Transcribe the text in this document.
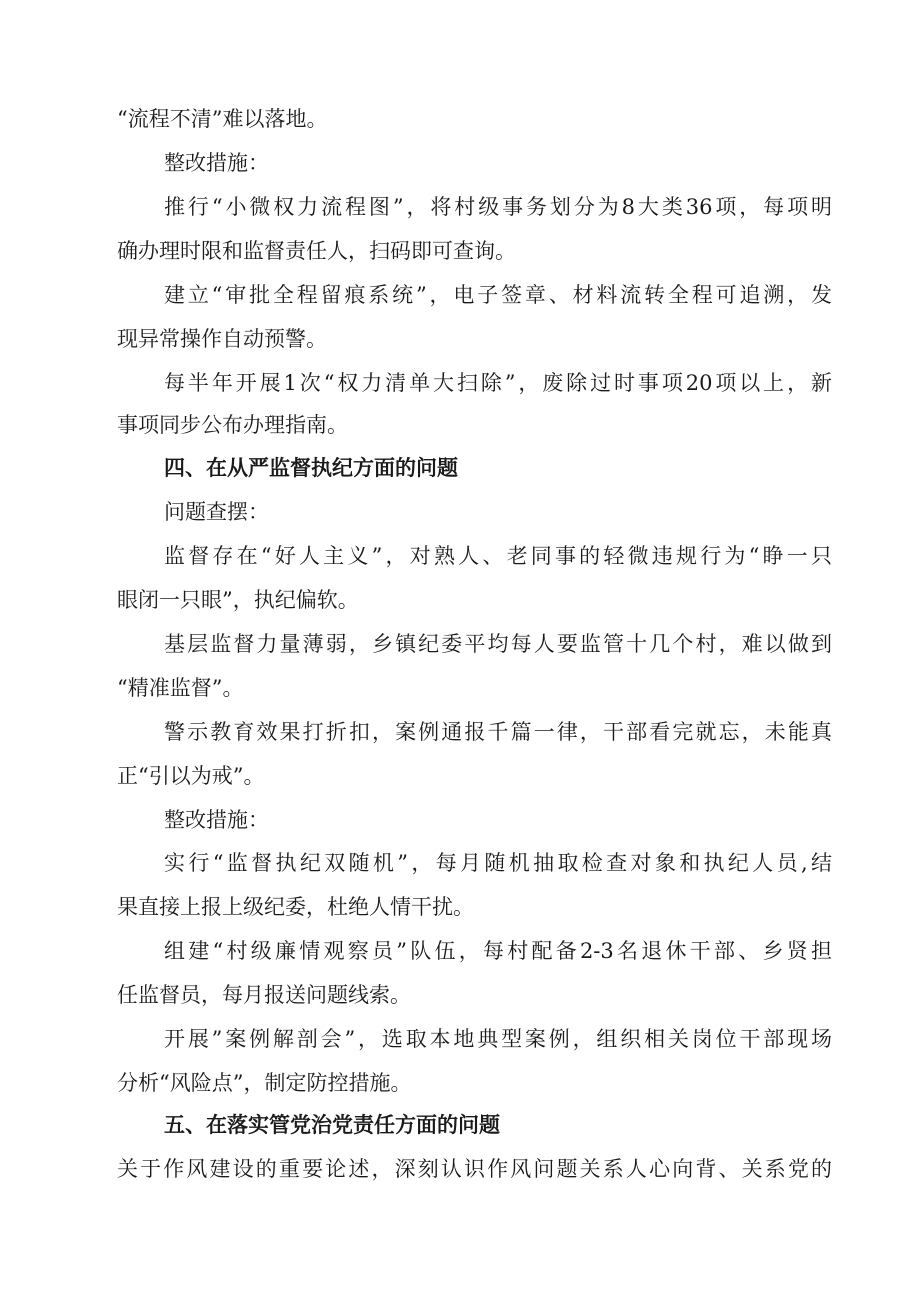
“流程不清”难以落地。

整改措施：

推行“小微权力流程图”，将村级事务划分为8大类36项，每项明

确办理时限和监督责任人，扫码即可查询。

建立“审批全程留痕系统”，电子签章、材料流转全程可追溯，发

现异常操作自动预警。

每半年开展1次“权力清单大扫除”，废除过时事项20项以上，新

事项同步公布办理指南。

四、在从严监督执纪方面的问题

问题查摆：

监督存在“好人主义”，对熟人、老同事的轻微违规行为“睁一只

眼闭一只眼”，执纪偏软。

基层监督力量薄弱，乡镇纪委平均每人要监管十几个村，难以做到

“精准监督”。

警示教育效果打折扣，案例通报千篇一律，干部看完就忘，未能真

正“引以为戒”。

整改措施：

实行“监督执纪双随机”，每月随机抽取检查对象和执纪人员,结

果直接上报上级纪委，杜绝人情干扰。

组建“村级廉情观察员”队伍，每村配备2-3名退休干部、乡贤担

任监督员，每月报送问题线索。

开展”案例解剖会”，选取本地典型案例，组织相关岗位干部现场

分析“风险点”，制定防控措施。

五、在落实管党治党责任方面的问题

关于作风建设的重要论述，深刻认识作风问题关系人心向背、关系党的
